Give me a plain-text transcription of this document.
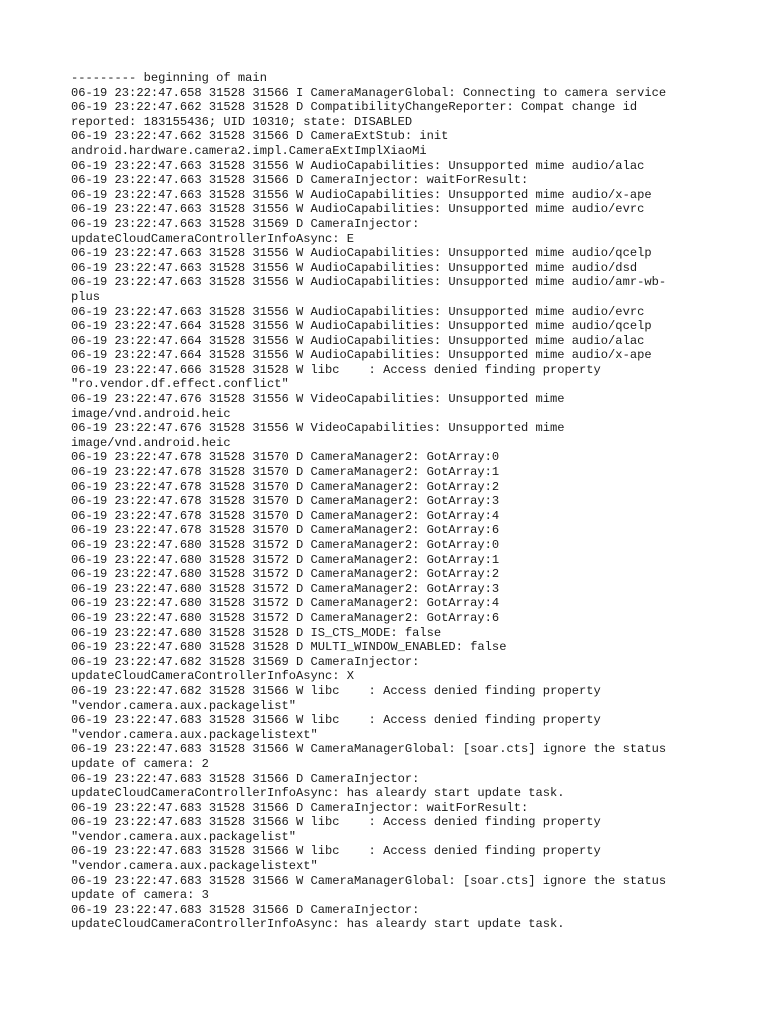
--------- beginning of main
06-19 23:22:47.658 31528 31566 I CameraManagerGlobal: Connecting to camera service
06-19 23:22:47.662 31528 31528 D CompatibilityChangeReporter: Compat change id
reported: 183155436; UID 10310; state: DISABLED
06-19 23:22:47.662 31528 31566 D CameraExtStub: init
android.hardware.camera2.impl.CameraExtImplXiaoMi
06-19 23:22:47.663 31528 31556 W AudioCapabilities: Unsupported mime audio/alac
06-19 23:22:47.663 31528 31566 D CameraInjector: waitForResult:
06-19 23:22:47.663 31528 31556 W AudioCapabilities: Unsupported mime audio/x-ape
06-19 23:22:47.663 31528 31556 W AudioCapabilities: Unsupported mime audio/evrc
06-19 23:22:47.663 31528 31569 D CameraInjector:
updateCloudCameraControllerInfoAsync: E
06-19 23:22:47.663 31528 31556 W AudioCapabilities: Unsupported mime audio/qcelp
06-19 23:22:47.663 31528 31556 W AudioCapabilities: Unsupported mime audio/dsd
06-19 23:22:47.663 31528 31556 W AudioCapabilities: Unsupported mime audio/amr-wb-
plus
06-19 23:22:47.663 31528 31556 W AudioCapabilities: Unsupported mime audio/evrc
06-19 23:22:47.664 31528 31556 W AudioCapabilities: Unsupported mime audio/qcelp
06-19 23:22:47.664 31528 31556 W AudioCapabilities: Unsupported mime audio/alac
06-19 23:22:47.664 31528 31556 W AudioCapabilities: Unsupported mime audio/x-ape
06-19 23:22:47.666 31528 31528 W libc    : Access denied finding property
"ro.vendor.df.effect.conflict"
06-19 23:22:47.676 31528 31556 W VideoCapabilities: Unsupported mime
image/vnd.android.heic
06-19 23:22:47.676 31528 31556 W VideoCapabilities: Unsupported mime
image/vnd.android.heic
06-19 23:22:47.678 31528 31570 D CameraManager2: GotArray:0
06-19 23:22:47.678 31528 31570 D CameraManager2: GotArray:1
06-19 23:22:47.678 31528 31570 D CameraManager2: GotArray:2
06-19 23:22:47.678 31528 31570 D CameraManager2: GotArray:3
06-19 23:22:47.678 31528 31570 D CameraManager2: GotArray:4
06-19 23:22:47.678 31528 31570 D CameraManager2: GotArray:6
06-19 23:22:47.680 31528 31572 D CameraManager2: GotArray:0
06-19 23:22:47.680 31528 31572 D CameraManager2: GotArray:1
06-19 23:22:47.680 31528 31572 D CameraManager2: GotArray:2
06-19 23:22:47.680 31528 31572 D CameraManager2: GotArray:3
06-19 23:22:47.680 31528 31572 D CameraManager2: GotArray:4
06-19 23:22:47.680 31528 31572 D CameraManager2: GotArray:6
06-19 23:22:47.680 31528 31528 D IS_CTS_MODE: false
06-19 23:22:47.680 31528 31528 D MULTI_WINDOW_ENABLED: false
06-19 23:22:47.682 31528 31569 D CameraInjector:
updateCloudCameraControllerInfoAsync: X
06-19 23:22:47.682 31528 31566 W libc    : Access denied finding property
"vendor.camera.aux.packagelist"
06-19 23:22:47.683 31528 31566 W libc    : Access denied finding property
"vendor.camera.aux.packagelistext"
06-19 23:22:47.683 31528 31566 W CameraManagerGlobal: [soar.cts] ignore the status
update of camera: 2
06-19 23:22:47.683 31528 31566 D CameraInjector:
updateCloudCameraControllerInfoAsync: has aleardy start update task.
06-19 23:22:47.683 31528 31566 D CameraInjector: waitForResult:
06-19 23:22:47.683 31528 31566 W libc    : Access denied finding property
"vendor.camera.aux.packagelist"
06-19 23:22:47.683 31528 31566 W libc    : Access denied finding property
"vendor.camera.aux.packagelistext"
06-19 23:22:47.683 31528 31566 W CameraManagerGlobal: [soar.cts] ignore the status
update of camera: 3
06-19 23:22:47.683 31528 31566 D CameraInjector:
updateCloudCameraControllerInfoAsync: has aleardy start update task.
